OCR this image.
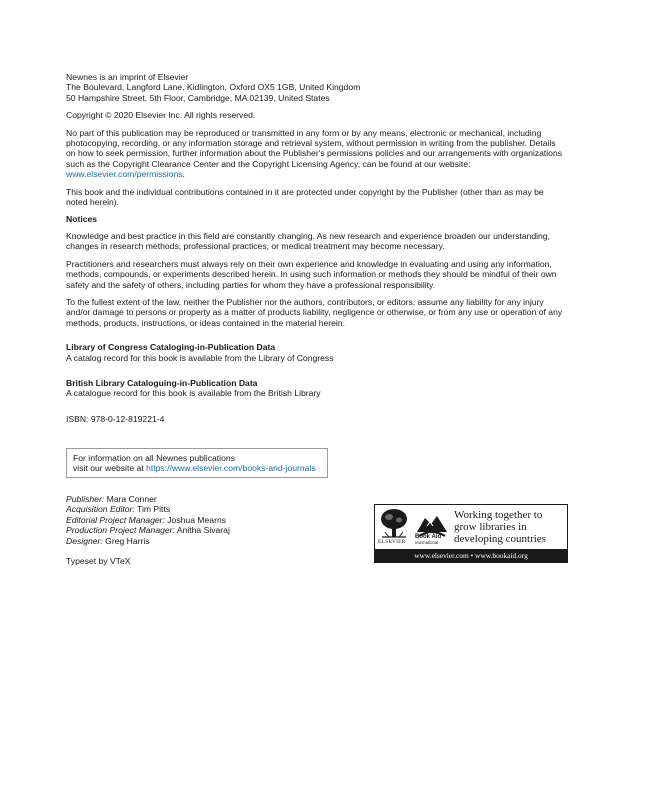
Newnes is an imprint of Elsevier

The Boulevard, Langford Lane, Kidlington, Oxford OX5 1GB, United Kingdom

50 Hampshire Street, 5th Floor, Cambridge, MA 02139, United States

Copyright © 2020 Elsevier Inc. All rights reserved.

No part of this publication may be reproduced or transmitted in any form or by any means, electronic or mechanical, including photocopying, recording, or any information storage and retrieval system, without permission in writing from the publisher. Details on how to seek permission, further information about the Publisher's permissions policies and our arrangements with organizations such as the Copyright Clearance Center and the Copyright Licensing Agency, can be found at our website: www.elsevier.com/permissions.

This book and the individual contributions contained in it are protected under copyright by the Publisher (other than as may be noted herein).

Notices

Knowledge and best practice in this field are constantly changing. As new research and experience broaden our understanding, changes in research methods, professional practices, or medical treatment may become necessary.

Practitioners and researchers must always rely on their own experience and knowledge in evaluating and using any information, methods, compounds, or experiments described herein. In using such information or methods they should be mindful of their own safety and the safety of others, including parties for whom they have a professional responsibility.

To the fullest extent of the law, neither the Publisher nor the authors, contributors, or editors, assume any liability for any injury and/or damage to persons or property as a matter of products liability, negligence or otherwise, or from any use or operation of any methods, products, instructions, or ideas contained in the material herein.

Library of Congress Cataloging-in-Publication Data

A catalog record for this book is available from the Library of Congress

British Library Cataloguing-in-Publication Data

A catalogue record for this book is available from the British Library

ISBN: 978-0-12-819221-4

For information on all Newnes publications

visit our website at https://www.elsevier.com/books-and-journals

Publisher: Mara Conner

Acquisition Editor: Tim Pitts

Editorial Project Manager: Joshua Mearns

Production Project Manager: Anitha Sivaraj

Designer: Greg Harris

Typeset by VTeX

ELSEVIER
Book Aid
International
Working together to grow libraries in developing countries
www.elsevier.com • www.bookaid.org
